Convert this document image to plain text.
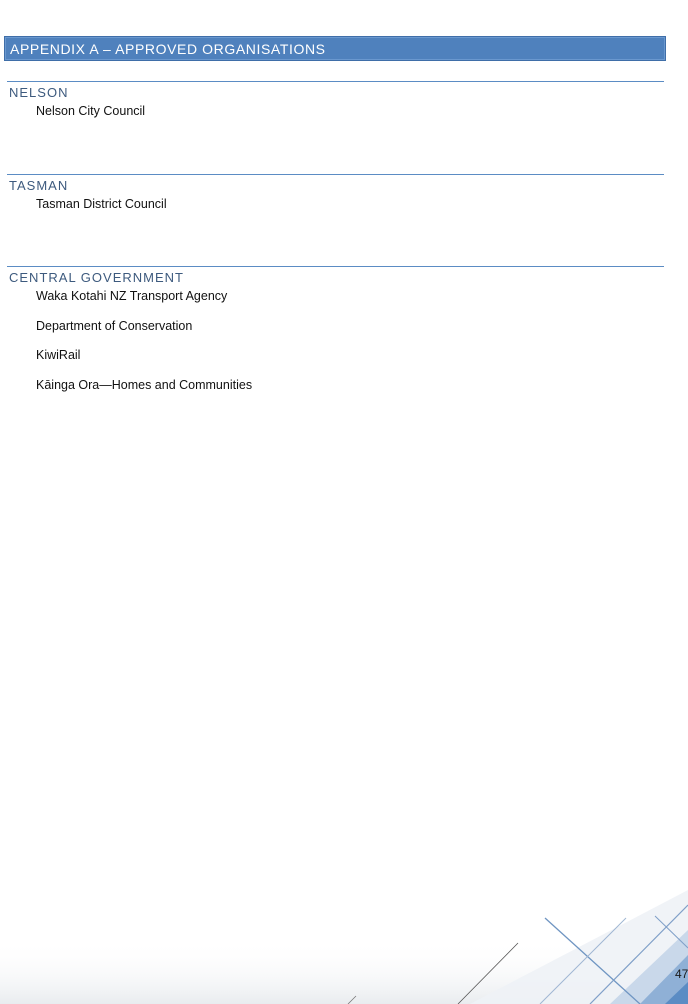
APPENDIX A – APPROVED ORGANISATIONS
NELSON
Nelson City Council
TASMAN
Tasman District Council
CENTRAL GOVERNMENT
Waka Kotahi NZ Transport Agency
Department of Conservation
KiwiRail
Kāinga Ora—Homes and Communities
47
